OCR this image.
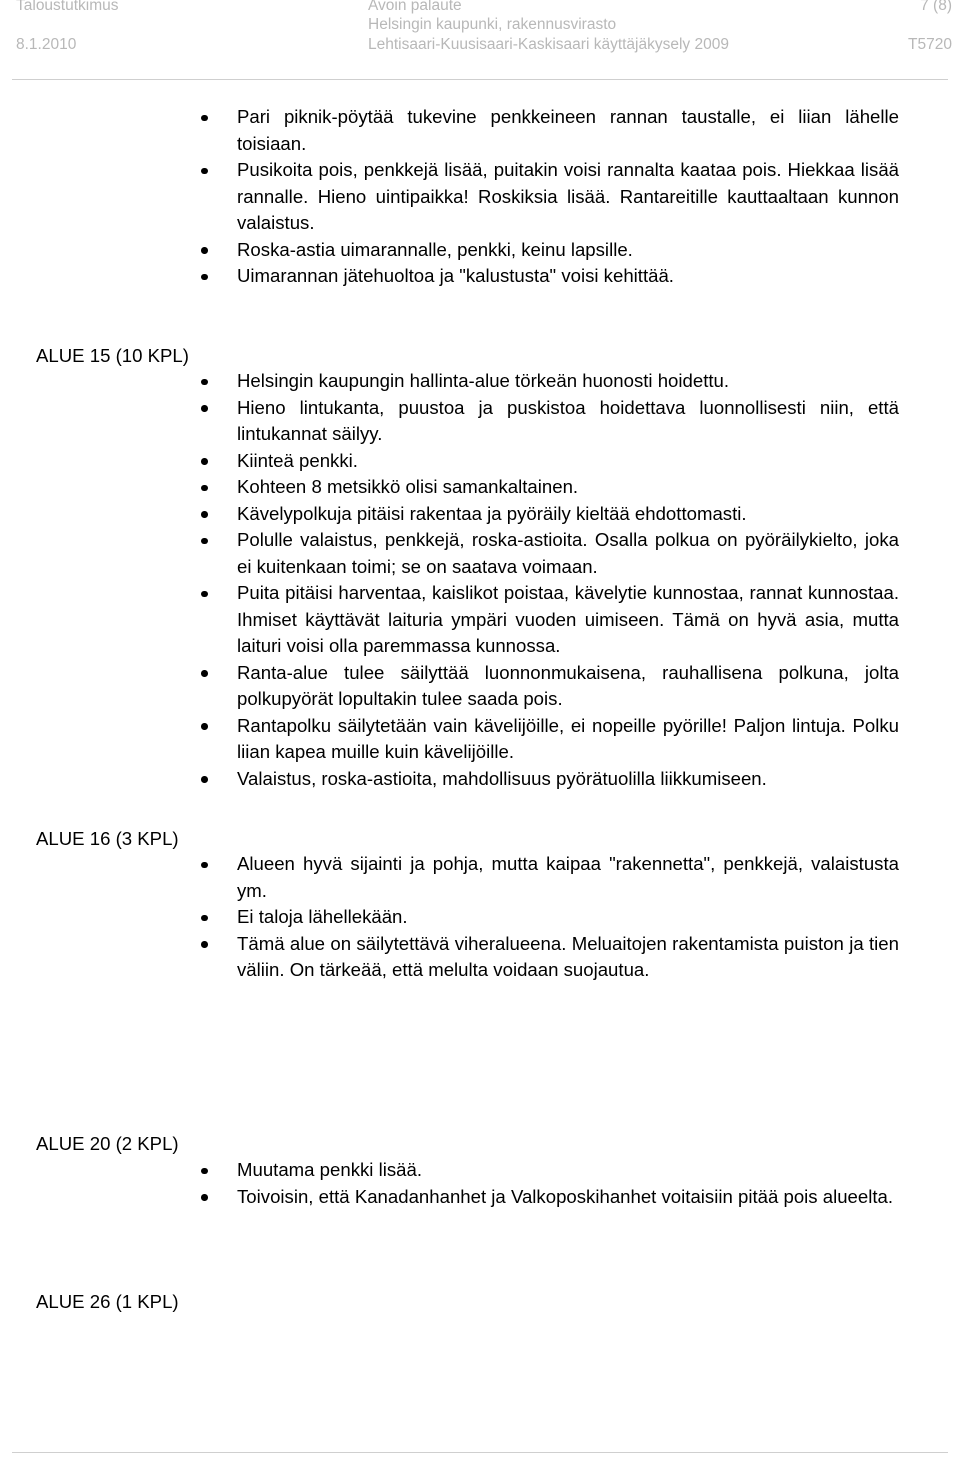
Taloustutkimus
8.1.2010
Avoin palaute
Helsingin kaupunki, rakennusvirasto
Lehtisaari-Kuusisaari-Kaskisaari käyttäjäkysely 2009
7 (8)
T5720
Pari piknik-pöytää tukevine penkkeineen rannan taustalle, ei liian lähelle toisiaan.
Pusikoita pois, penkkejä lisää, puitakin voisi rannalta kaataa pois. Hiekkaa lisää rannalle. Hieno uintipaikka! Roskiksia lisää. Rantareitille kauttaaltaan kunnon valaistus.
Roska-astia uimarannalle, penkki, keinu lapsille.
Uimarannan jätehuoltoa ja "kalustusta" voisi kehittää.
ALUE 15 (10 KPL)
Helsingin kaupungin hallinta-alue törkeän huonosti hoidettu.
Hieno lintukanta, puustoa ja puskistoa hoidettava luonnollisesti niin, että lintukannat säilyy.
Kiinteä penkki.
Kohteen 8 metsikkö olisi samankaltainen.
Kävelypolkuja pitäisi rakentaa ja pyöräily kieltää ehdottomasti.
Polulle valaistus, penkkejä, roska-astioita. Osalla polkua on pyöräilykielto, joka ei kuitenkaan toimi; se on saatava voimaan.
Puita pitäisi harventaa, kaislikot poistaa, kävelytie kunnostaa, rannat kunnostaa. Ihmiset käyttävät laituria ympäri vuoden uimiseen. Tämä on hyvä asia, mutta laituri voisi olla paremmassa kunnossa.
Ranta-alue tulee säilyttää luonnonmukaisena, rauhallisena polkuna, jolta polkupyörät lopultakin tulee saada pois.
Rantapolku säilytetään vain kävelijöille, ei nopeille pyörille! Paljon lintuja. Polku liian kapea muille kuin kävelijöille.
Valaistus, roska-astioita, mahdollisuus pyörätuolilla liikkumiseen.
ALUE 16 (3 KPL)
Alueen hyvä sijainti ja pohja, mutta kaipaa "rakennetta", penkkejä, valaistusta ym.
Ei taloja lähellekään.
Tämä alue on säilytettävä viheralueena. Meluaitojen rakentamista puiston ja tien väliin. On tärkeää, että melulta voidaan suojautua.
ALUE 20 (2 KPL)
Muutama penkki lisää.
Toivoisin, että Kanadanhanhet ja Valkoposkihanhet voitaisiin pitää pois alueelta.
ALUE 26 (1 KPL)
